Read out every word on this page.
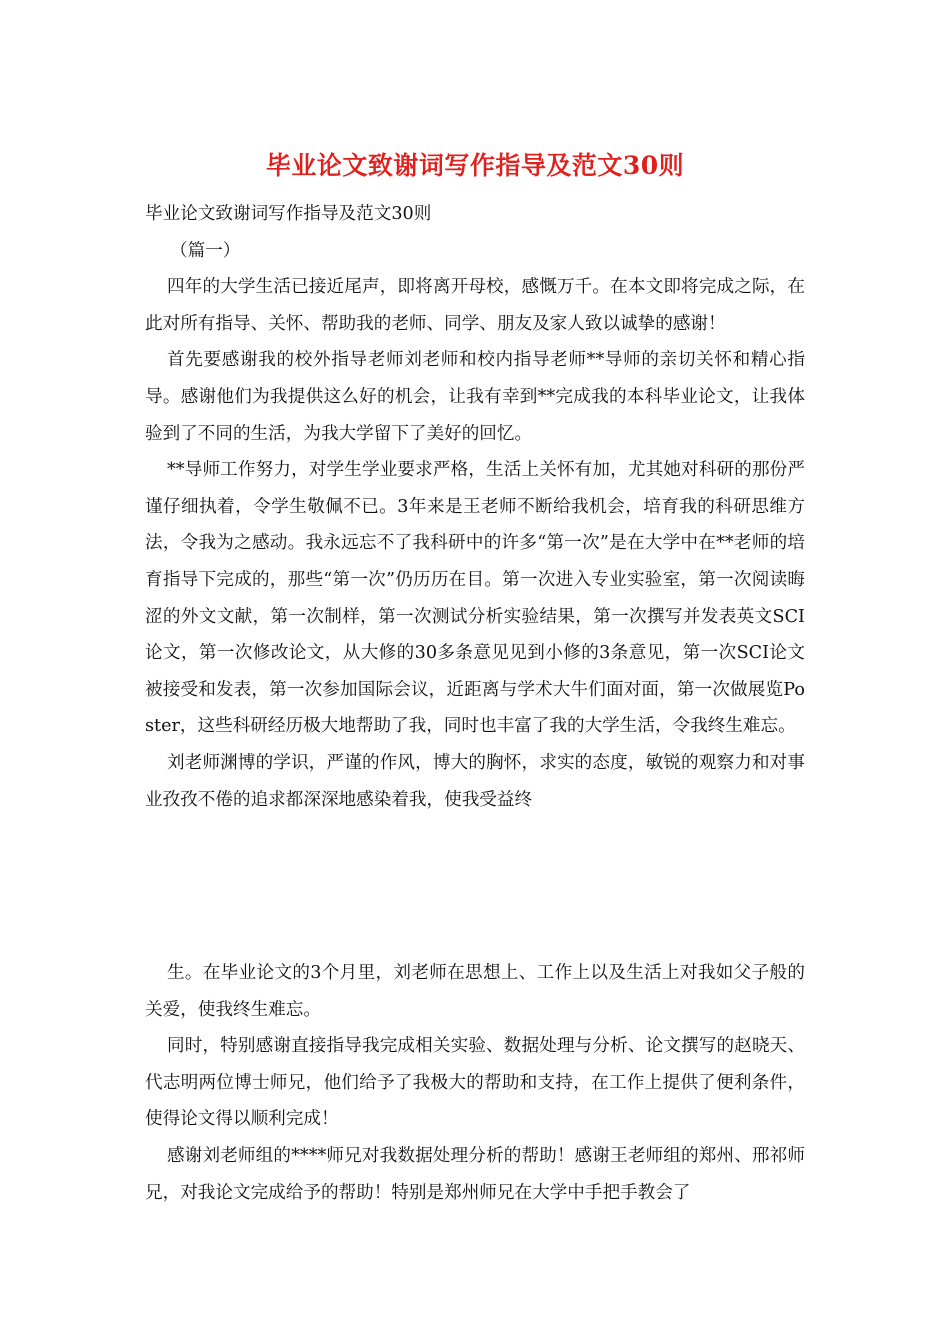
毕业论文致谢词写作指导及范文30则

毕业论文致谢词写作指导及范文30则

（篇一）

四年的大学生活已接近尾声，即将离开母校，感慨万千。在本文即将完成之际，在此对所有指导、关怀、帮助我的老师、同学、朋友及家人致以诚挚的感谢！

首先要感谢我的校外指导老师刘老师和校内指导老师**导师的亲切关怀和精心指导。感谢他们为我提供这么好的机会，让我有幸到**完成我的本科毕业论文，让我体验到了不同的生活，为我大学留下了美好的回忆。

**导师工作努力，对学生学业要求严格，生活上关怀有加，尤其她对科研的那份严谨仔细执着，令学生敬佩不已。3年来是王老师不断给我机会，培育我的科研思维方法，令我为之感动。我永远忘不了我科研中的许多“第一次”是在大学中在**老师的培育指导下完成的，那些“第一次”仍历历在目。第一次进入专业实验室，第一次阅读晦涩的外文文献，第一次制样，第一次测试分析实验结果，第一次撰写并发表英文SCI论文，第一次修改论文，从大修的30多条意见见到小修的3条意见，第一次SCI论文被接受和发表，第一次参加国际会议，近距离与学术大牛们面对面，第一次做展览Poster，这些科研经历极大地帮助了我，同时也丰富了我的大学生活，令我终生难忘。

刘老师渊博的学识，严谨的作风，博大的胸怀，求实的态度，敏锐的观察力和对事业孜孜不倦的追求都深深地感染着我，使我受益终

生。在毕业论文的3个月里，刘老师在思想上、工作上以及生活上对我如父子般的关爱，使我终生难忘。

同时，特别感谢直接指导我完成相关实验、数据处理与分析、论文撰写的赵晓天、代志明两位博士师兄，他们给予了我极大的帮助和支持，在工作上提供了便利条件，使得论文得以顺利完成！

感谢刘老师组的****师兄对我数据处理分析的帮助！感谢王老师组的郑州、邢祁师兄，对我论文完成给予的帮助！特别是郑州师兄在大学中手把手教会了
